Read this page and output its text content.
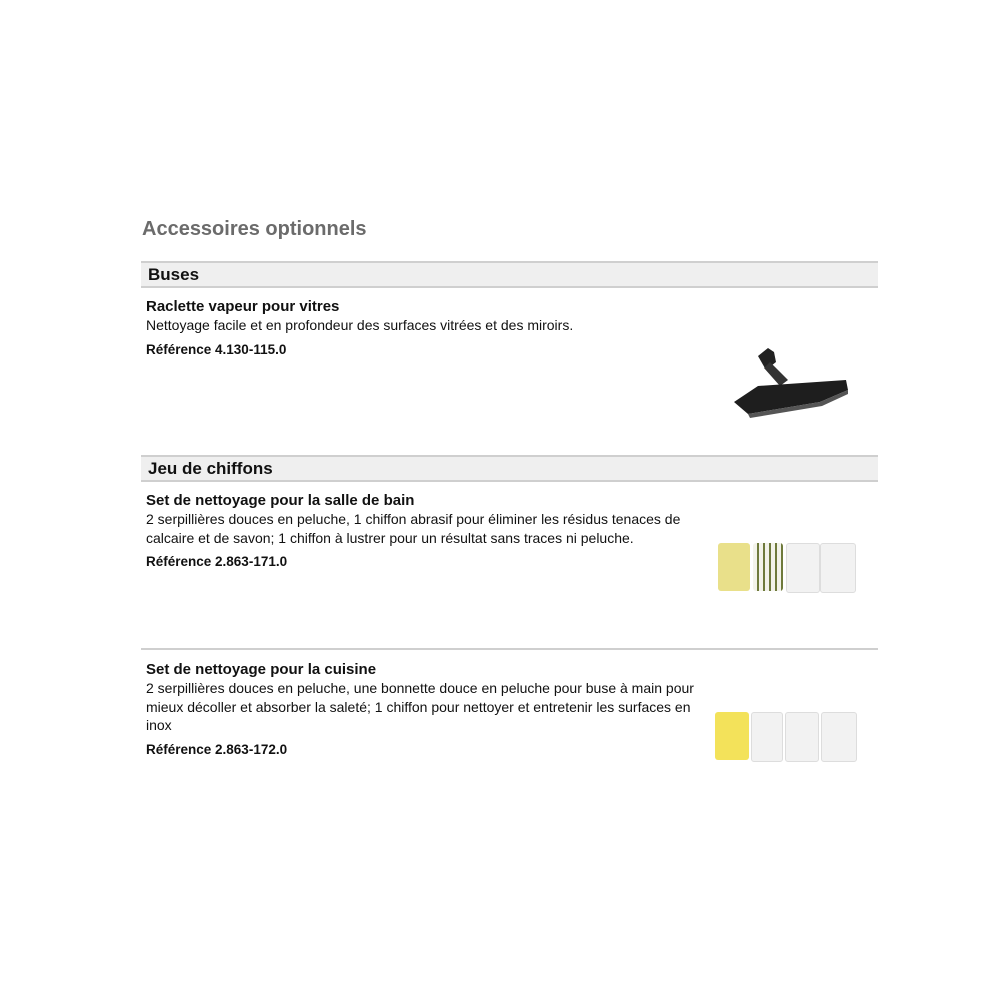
Accessoires optionnels
Buses
Raclette vapeur pour vitres
Nettoyage facile et en profondeur des surfaces vitrées et des miroirs.
Référence 4.130-115.0
Jeu de chiffons
Set de nettoyage pour la salle de bain
2 serpillières douces en peluche, 1 chiffon abrasif pour éliminer les résidus tenaces de calcaire et de savon; 1 chiffon à lustrer pour un résultat sans traces ni peluche.
Référence 2.863-171.0
Set de nettoyage pour la cuisine
2 serpillières douces en peluche, une bonnette douce en peluche pour buse à main pour mieux décoller et absorber la saleté; 1 chiffon pour nettoyer et entretenir les surfaces en inox
Référence 2.863-172.0
